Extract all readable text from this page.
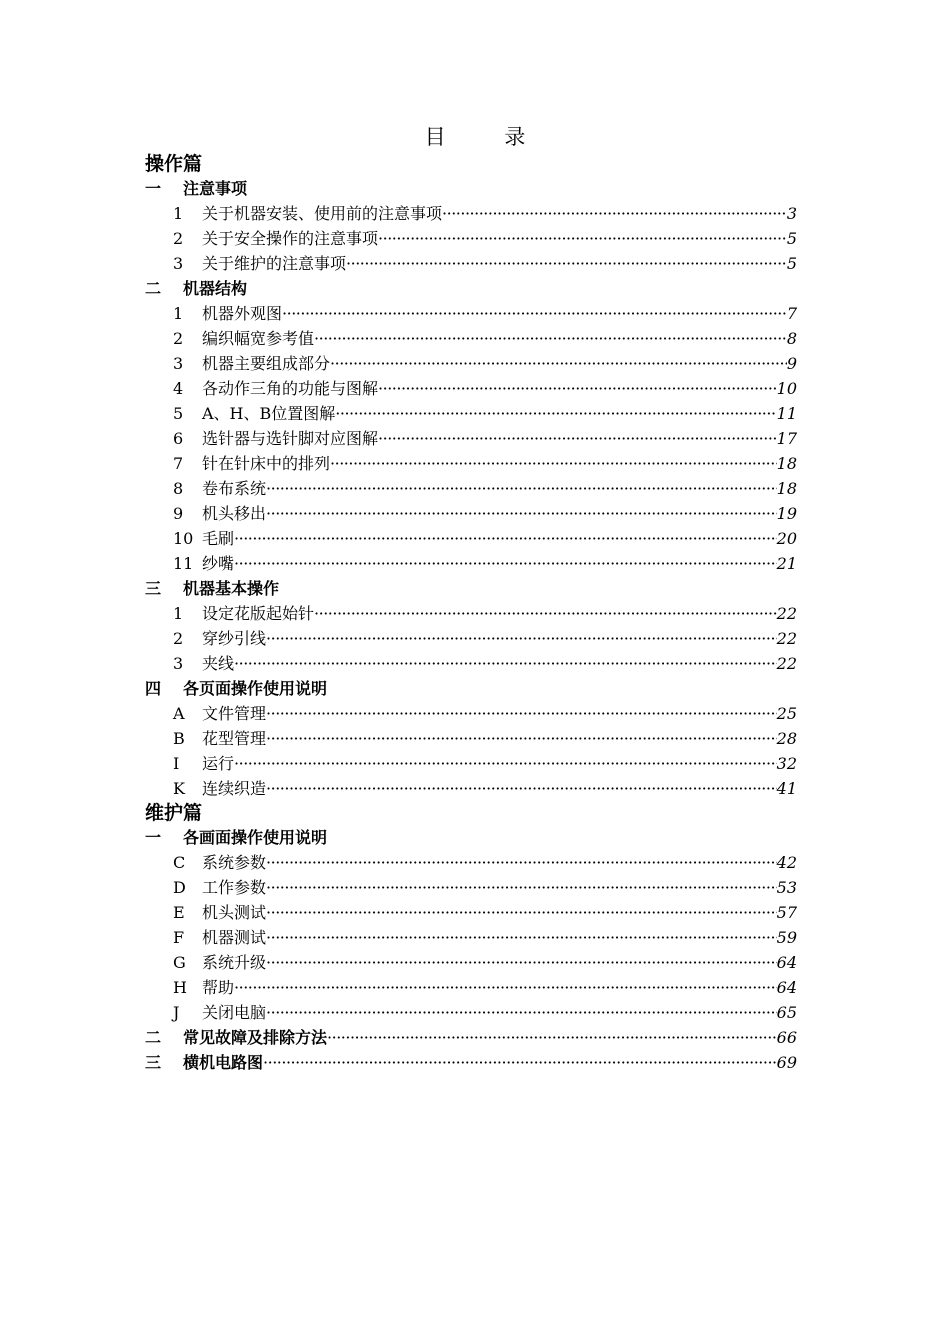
目 录
操作篇
一	注意事项
1	关于机器安装、使用前的注意事项 ·····	3
2	关于安全操作的注意事项 ·····	5
3	关于维护的注意事项 ·····	5
二	机器结构
1	机器外观图 ·····	7
2	编织幅宽参考值 ·····	8
3	机器主要组成部分 ·····	9
4	各动作三角的功能与图解 ·····	10
5	A、H、B位置图解 ·····	11
6	选针器与选针脚对应图解 ·····	17
7	针在针床中的排列 ·····	18
8	卷布系统 ·····	18
9	机头移出 ·····	19
10 毛刷 ·····	20
11 纱嘴 ·····	21
三	机器基本操作
1	设定花版起始针 ·····	22
2	穿纱引线 ·····	22
3	夹线 ·····	22
四	各页面操作使用说明
A	文件管理 ·····	25
B	花型管理 ·····	28
I	运行 ·····	32
K	连续织造 ·····	41
维护篇
一	各画面操作使用说明
C	系统参数 ·····	42
D	工作参数 ·····	53
E	机头测试 ·····	57
F	机器测试 ·····	59
G	系统升级 ·····	64
H 帮助 ·····	64
J	关闭电脑 ·····	65
二	常见故障及排除方法 ·····	66
三	横机电路图 ·····	69
